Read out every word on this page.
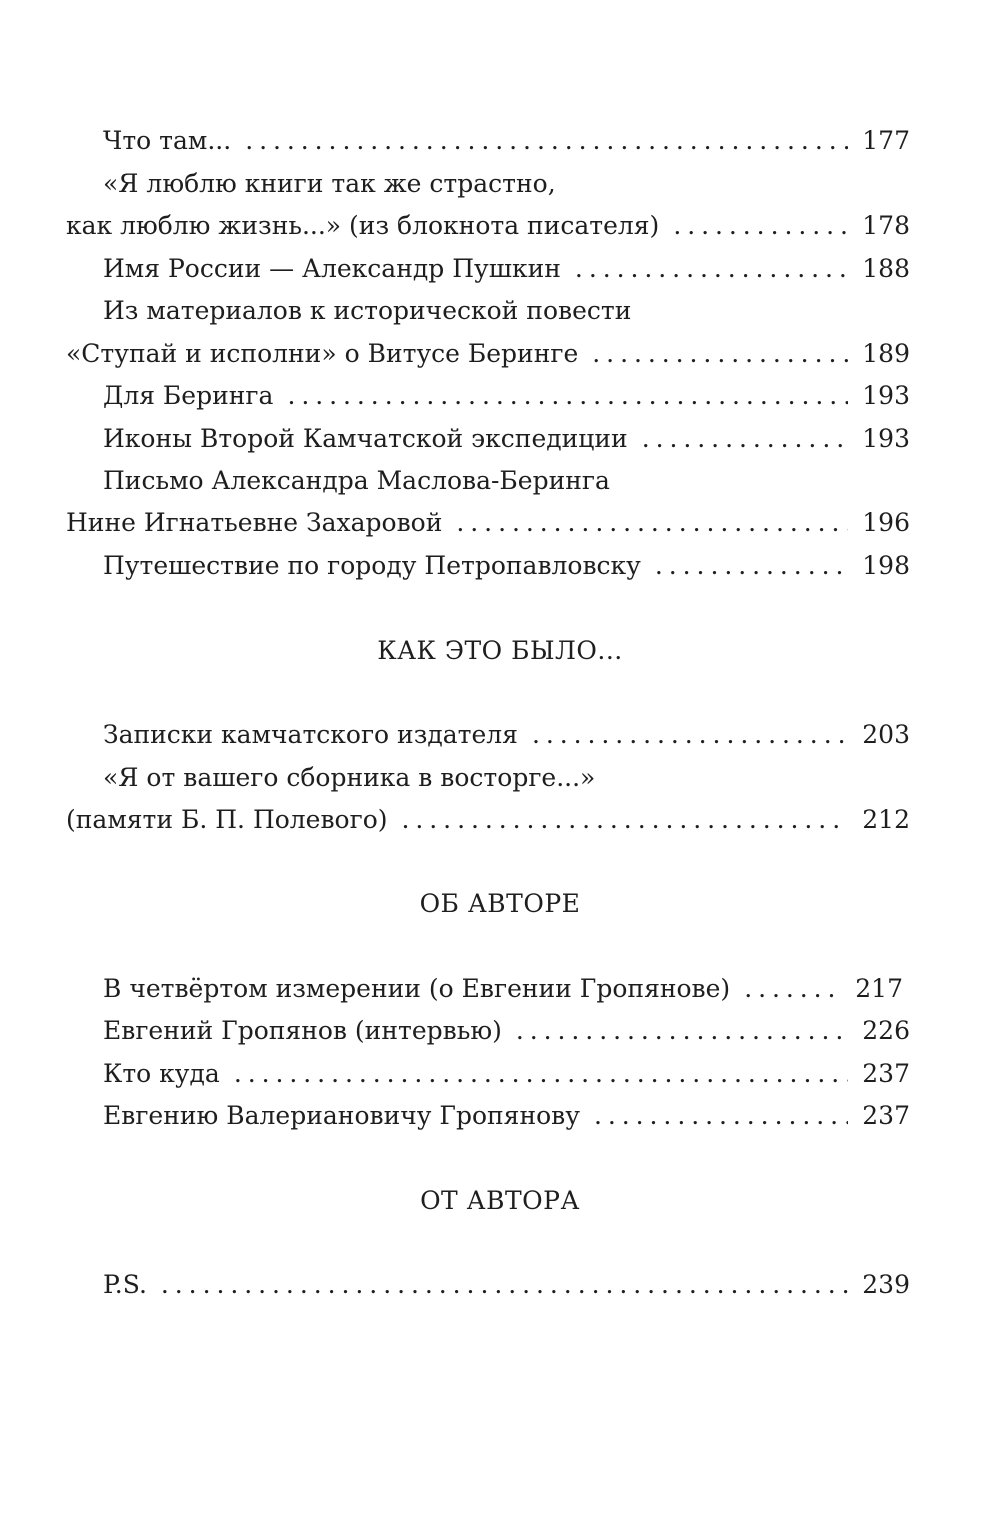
Что там... . . .	177
«Я люблю книги так же страстно,
как люблю жизнь...» (из блокнота писателя) . . .	178
Имя России — Александр Пушкин . . .	188
Из материалов к исторической повести
«Ступай и исполни» о Витусе Беринге . . .	189
Для Беринга . . .	193
Иконы Второй Камчатской экспедиции . . .	193
Письмо Александра Маслова-Беринга
Нине Игнатьевне Захаровой . . .	196
Путешествие по городу Петропавловску . . .	198
КАК ЭТО БЫЛО...
Записки камчатского издателя . . .	203
«Я от вашего сборника в восторге...»
(памяти Б. П. Полевого) . . .	212
ОБ АВТОРЕ
В четвёртом измерении (о Евгении Гропянове) . . .	217
Евгений Гропянов (интервью) . . .	226
Кто куда . . .	237
Евгению Валериановичу Гропянову . . .	237
ОТ АВТОРА
P.S. . . .	239
